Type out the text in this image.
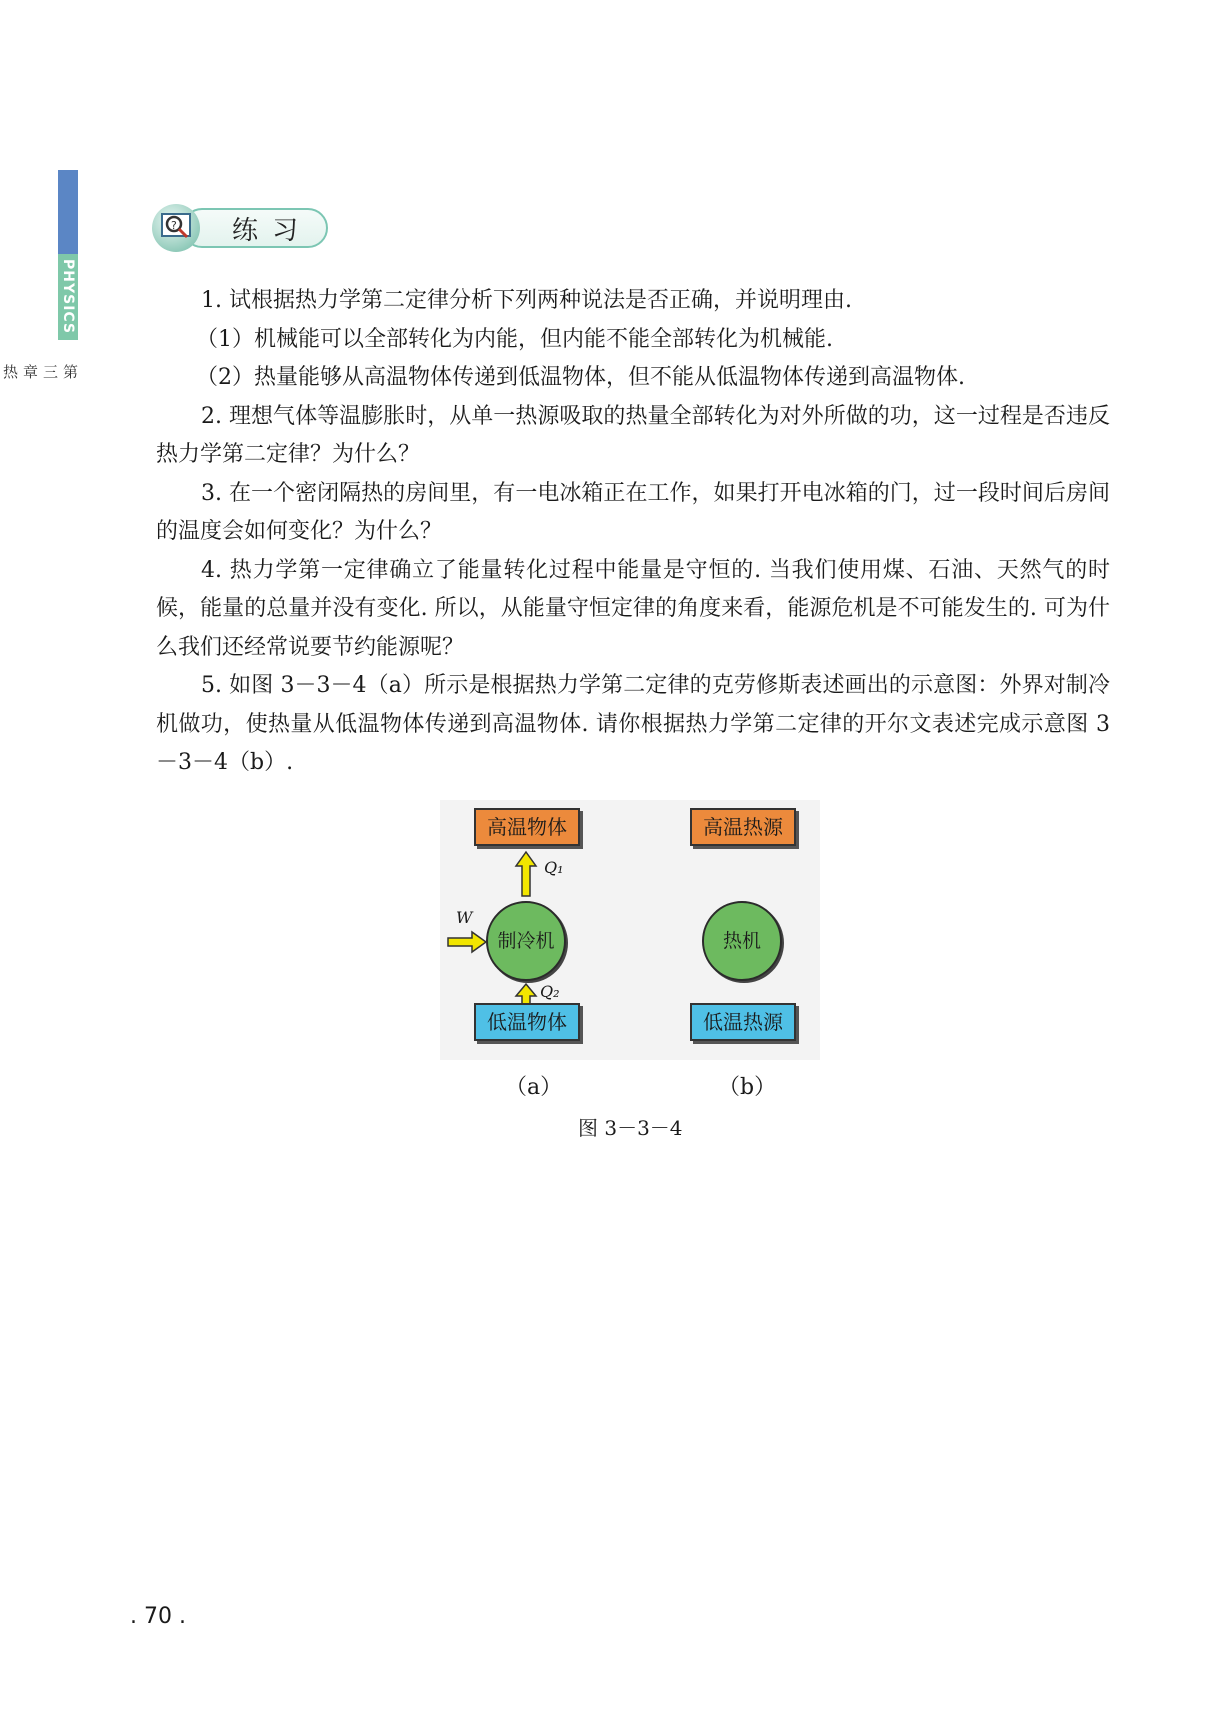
PHYSICS
第
三
章
热
? 练习

1. 试根据热力学第二定律分析下列两种说法是否正确，并说明理由.

（1）机械能可以全部转化为内能，但内能不能全部转化为机械能.

（2）热量能够从高温物体传递到低温物体，但不能从低温物体传递到高温物体.

2. 理想气体等温膨胀时，从单一热源吸取的热量全部转化为对外所做的功，这一过程是否违反热力学第二定律？为什么？

3. 在一个密闭隔热的房间里，有一电冰箱正在工作，如果打开电冰箱的门，过一段时间后房间的温度会如何变化？为什么？

4. 热力学第一定律确立了能量转化过程中能量是守恒的. 当我们使用煤、石油、天然气的时候，能量的总量并没有变化. 所以，从能量守恒定律的角度来看，能源危机是不可能发生的. 可为什么我们还经常说要节约能源呢？

5. 如图 3－3－4（a）所示是根据热力学第二定律的克劳修斯表述画出的示意图：外界对制冷机做功，使热量从低温物体传递到高温物体. 请你根据热力学第二定律的开尔文表述完成示意图 3－3－4（b）.

高温物体
Q₁
制冷机
W
Q₂
低温物体
高温热源
热机
低温热源
（a）	（b）
图 3－3－4
. 70 .
